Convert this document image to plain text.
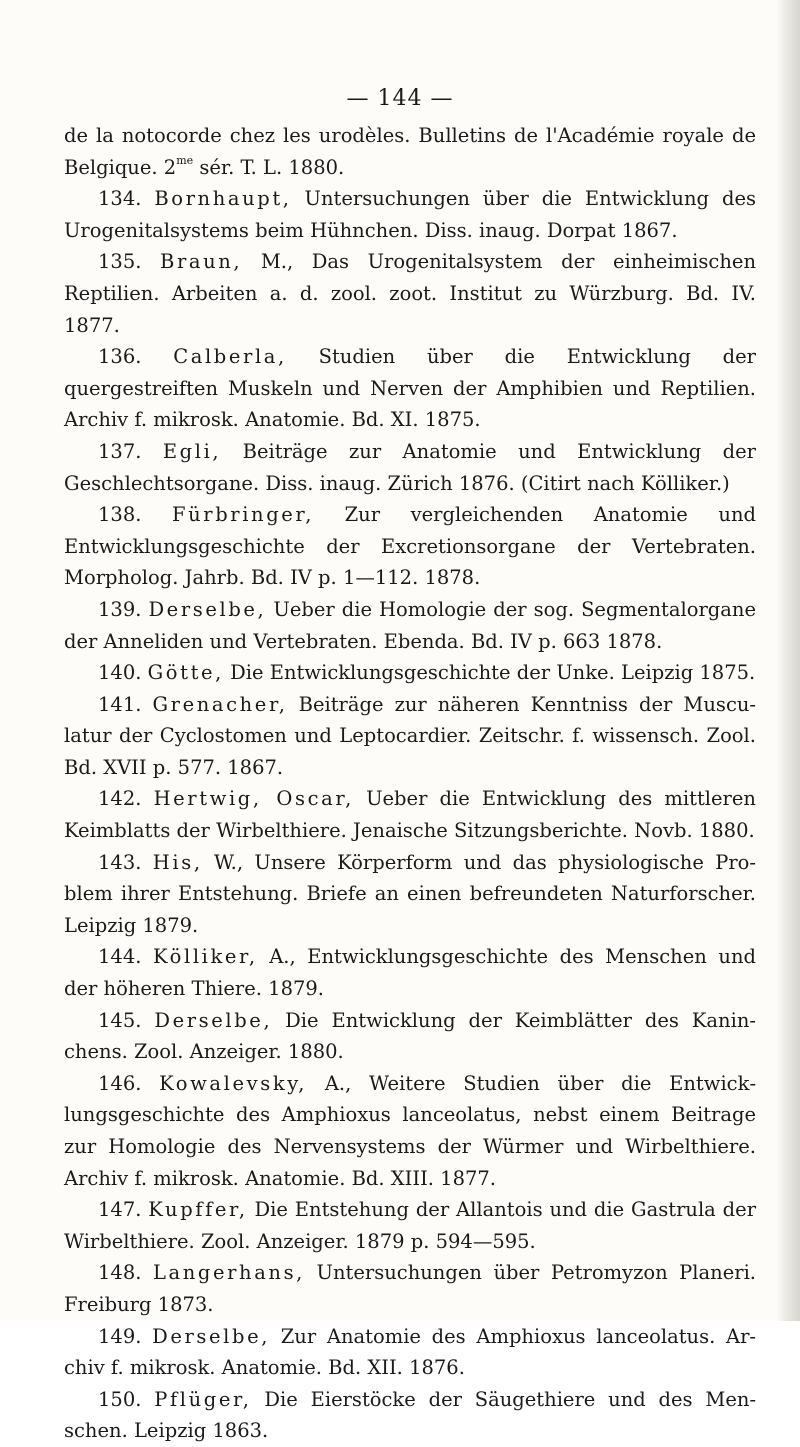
— 144 —

de la notocorde chez les urodèles. Bulletins de l'Académie royale de Belgique. $2^{me}$ sér. T. L. 1880.

134. Bornhaupt, Untersuchungen über die Entwicklung des Urogenitalsystems beim Hühnchen. Diss. inaug. Dorpat 1867.

135. Braun, M., Das Urogenitalsystem der einheimischen Reptilien. Arbeiten a. d. zool. zoot. Institut zu Würzburg. Bd. IV. 1877.

136. Calberla, Studien über die Entwicklung der quergestreiften Muskeln und Nerven der Amphibien und Reptilien. Archiv f. mikrosk. Anatomie. Bd. XI. 1875.

137. Egli, Beiträge zur Anatomie und Entwicklung der Geschlechtsorgane. Diss. inaug. Zürich 1876. (Citirt nach Kölliker.)

138. Fürbringer, Zur vergleichenden Anatomie und Entwicklungsgeschichte der Excretionsorgane der Vertebraten. Morpholog. Jahrb. Bd. IV p. 1—112. 1878.

139. Derselbe, Ueber die Homologie der sog. Segmentalorgane der Anneliden und Vertebraten. Ebenda. Bd. IV p. 663 1878.

140. Götte, Die Entwicklungsgeschichte der Unke. Leipzig 1875.

141. Grenacher, Beiträge zur näheren Kenntniss der Musculatur der Cyclostomen und Leptocardier. Zeitschr. f. wissensch. Zool. Bd. XVII p. 577. 1867.

142. Hertwig, Oscar, Ueber die Entwicklung des mittleren Keimblatts der Wirbelthiere. Jenaische Sitzungsberichte. Novb. 1880.

143. His, W., Unsere Körperform und das physiologische Problem ihrer Entstehung. Briefe an einen befreundeten Naturforscher. Leipzig 1879.

144. Kölliker, A., Entwicklungsgeschichte des Menschen und der höheren Thiere. 1879.

145. Derselbe, Die Entwicklung der Keimblätter des Kaninchens. Zool. Anzeiger. 1880.

146. Kowalevsky, A., Weitere Studien über die Entwicklungsgeschichte des Amphioxus lanceolatus, nebst einem Beitrage zur Homologie des Nervensystems der Würmer und Wirbelthiere. Archiv f. mikrosk. Anatomie. Bd. XIII. 1877.

147. Kupffer, Die Entstehung der Allantois und die Gastrula der Wirbelthiere. Zool. Anzeiger. 1879 p. 594—595.

148. Langerhans, Untersuchungen über Petromyzon Planeri. Freiburg 1873.

149. Derselbe, Zur Anatomie des Amphioxus lanceolatus. Archiv f. mikrosk. Anatomie. Bd. XII. 1876.

150. Pflüger, Die Eierstöcke der Säugethiere und des Menschen. Leipzig 1863.
